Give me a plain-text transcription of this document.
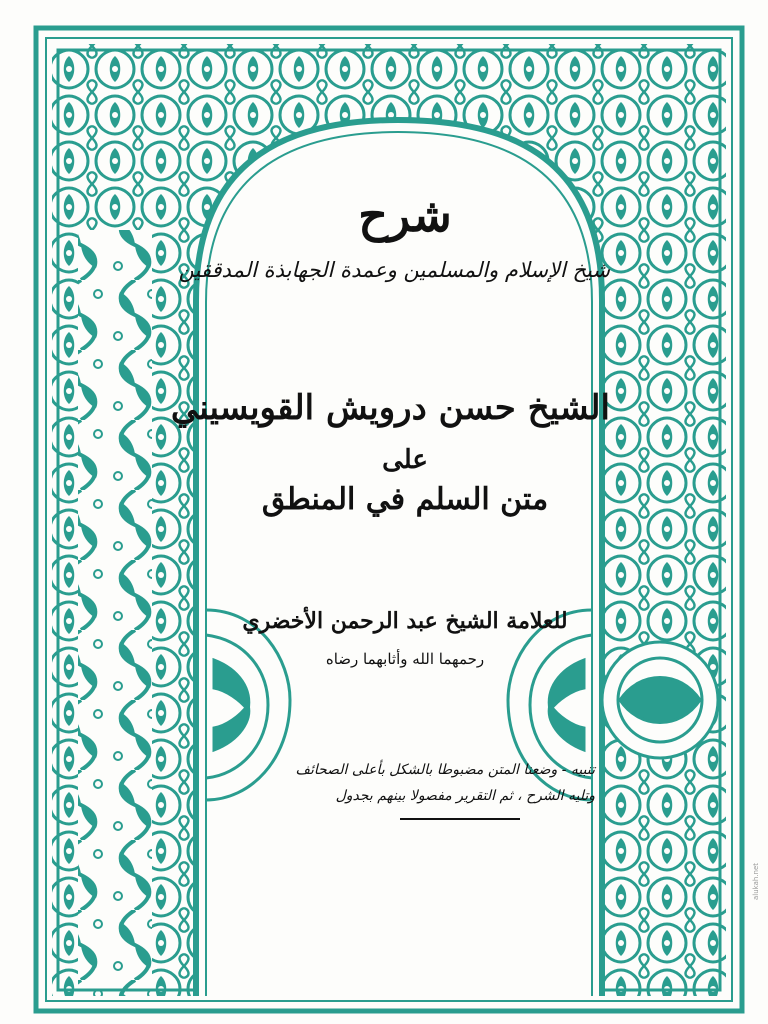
شرح
شيخ الإسلام والمسلمين وعمدة الجهابذة المدققين
الشيخ حسن درويش القويسيني
على
متن السلم في المنطق
للعلامة الشيخ عبد الرحمن الأخضري
رحمهما الله وأثابهما رضاه
تنبيه - وضعنا المتن مضبوطا بالشكل بأعلى الصحائف
وتليه الشرح ، ثم التقرير مفصولا بينهم بجدول
alukah.net
